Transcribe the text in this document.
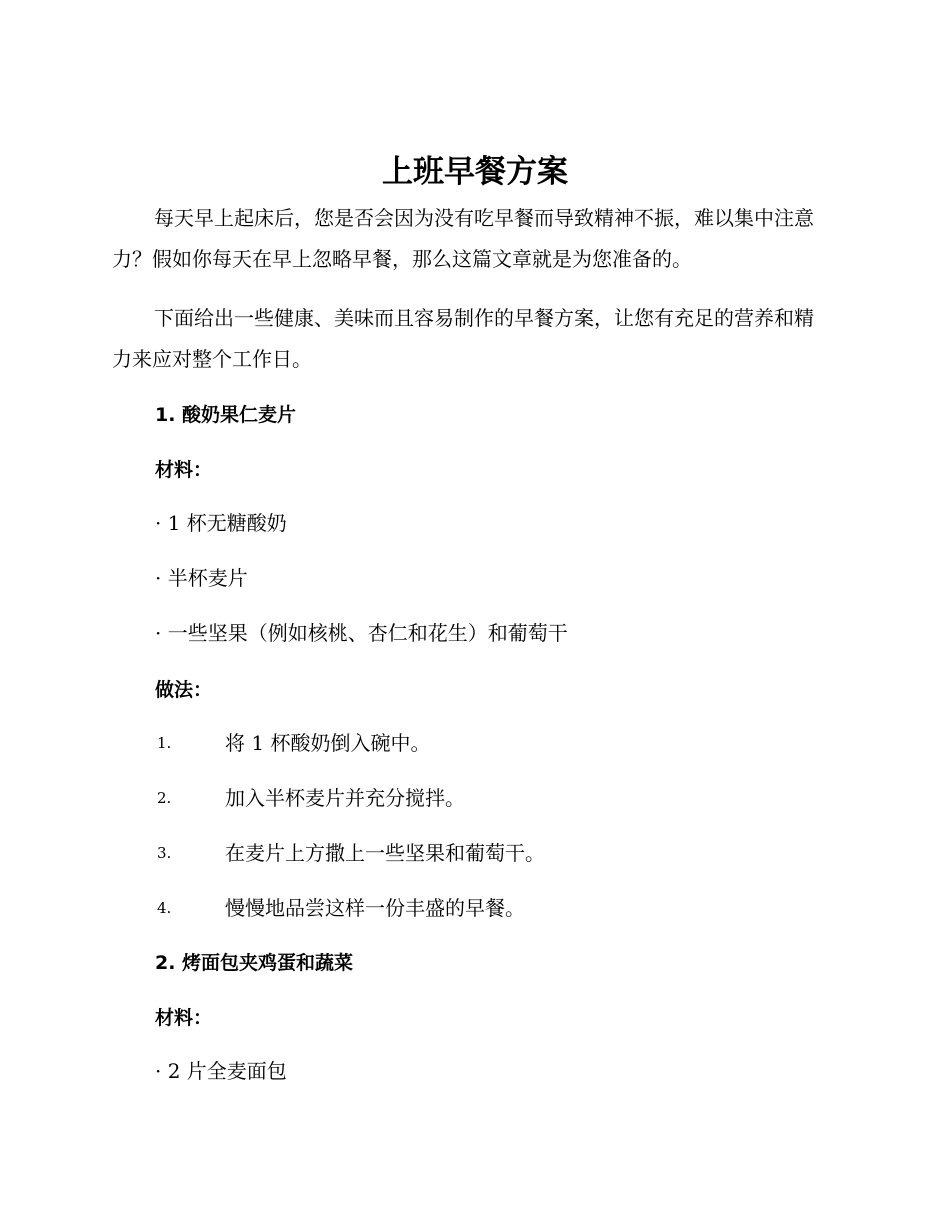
上班早餐方案

每天早上起床后，您是否会因为没有吃早餐而导致精神不振，难以集中注意力？假如你每天在早上忽略早餐，那么这篇文章就是为您准备的。

下面给出一些健康、美味而且容易制作的早餐方案，让您有充足的营养和精力来应对整个工作日。

1. 酸奶果仁麦片
材料：
· 1 杯无糖酸奶
· 半杯麦片
· 一些坚果（例如核桃、杏仁和花生）和葡萄干
做法：
1.	将 1 杯酸奶倒入碗中。
2.	加入半杯麦片并充分搅拌。
3.	在麦片上方撒上一些坚果和葡萄干。
4.	慢慢地品尝这样一份丰盛的早餐。
2. 烤面包夹鸡蛋和蔬菜
材料：
· 2 片全麦面包
